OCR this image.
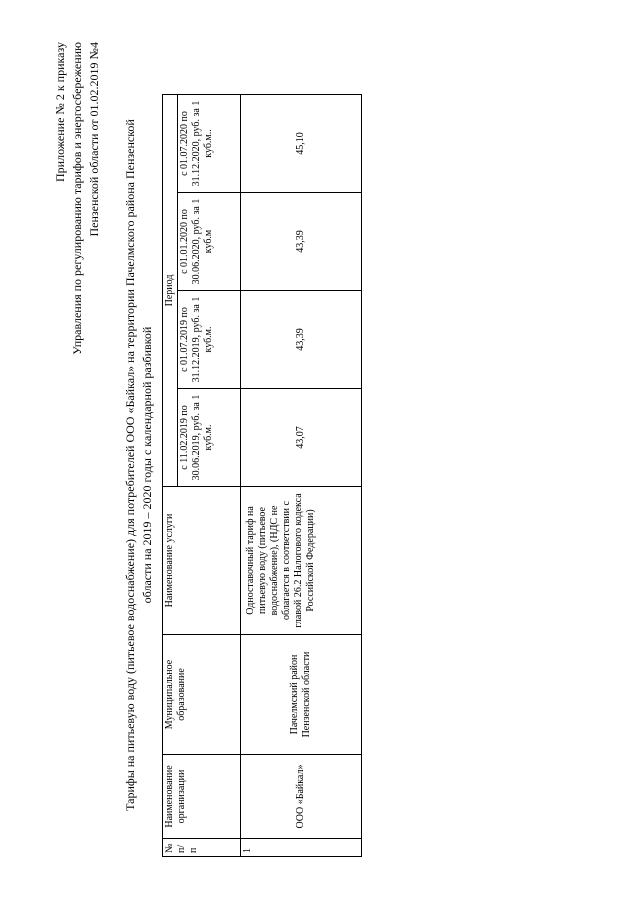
Приложение № 2 к приказу Управления по регулированию тарифов и энергосбережению Пензенской области от 01.02.2019 №4 Тарифы на питьевую воду (питьевое водоснабжение) для потребителей ООО «Байкал» на территории Пачелмского района Пензенской области на 2019 – 2020 годы с календарной разбивкой
№ п/п	Наименование организации	Муниципальное образование	Наименование услуги	Период			
				с 11.02.2019 по 30.06.2019, руб. за 1 куб.м.	с 01.07.2019 по 31.12.2019, руб. за 1 куб.м.	с 01.01.2020 по 30.06.2020, руб. за 1 куб.м	с 01.07.2020 по 31.12.2020, руб. за 1 куб.м..
1	ООО «Байкал»	Пачелмский район Пензенской области	Одноставочный тариф на питьевую воду (питьевое водоснабжение), (НДС не облагается в соответствии с главой 26.2 Налогового кодекса Российской Федерации)	43,07	43,39	43,39	45,10
